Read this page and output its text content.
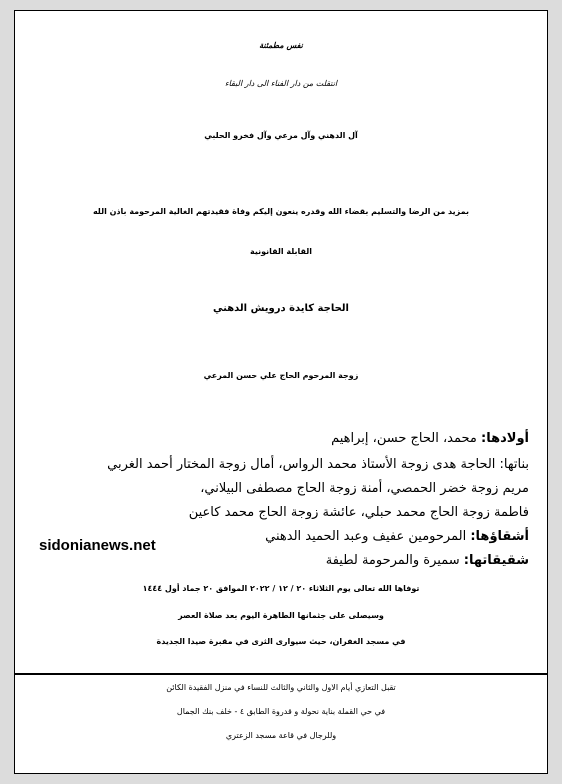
نفس مطمئنة
انتقلت من دار الفناء الى دار البقاء
آل الدهني وآل مرعي وآل فخرو الحلبي
بمزيد من الرضا والتسليم بقضاء الله وقدره ينعون إليكم وفاة فقيدتهم الغالية المرحومة باذن الله
القابلة القانونية
الحاجة كايدة درويش الدهني
زوجة المرحوم الحاج علي حسن المرعي
أولادها: محمد، الحاج حسن، إبراهيم
بناتها: الحاجة هدى زوجة الأستاذ محمد الرواس، أمال زوجة المختار أحمد الغربي
مريم زوجة خضر الحمصي، أمنة زوجة الحاج مصطفى البيلاني،
فاطمة زوجة الحاج محمد حبلي، عائشة زوجة الحاج محمد كاعين
أشقاؤها: المرحومين عفيف وعبد الحميد الدهني
شقيقاتها: سميرة والمرحومة لطيفة
sidonianews.net
توفاها الله تعالى يوم الثلاثاء ٢٠ / ١٢ / ٢٠٢٢ الموافق ٢٠ جماد أول ١٤٤٤
وسيصلى على جثمانها الطاهرة اليوم بعد صلاة العصر
في مسجد الغفران، حيث سيوارى الثرى في مقبرة صيدا الجديدة
تقبل التعازي أيام الاول والثاني والثالث للنساء في منزل الفقيدة الكائن
في حي القملة بناية نحولة و قدروة الطابق ٤ - خلف بنك الجمال
وللرجال في قاعة مسجد الزعتري
